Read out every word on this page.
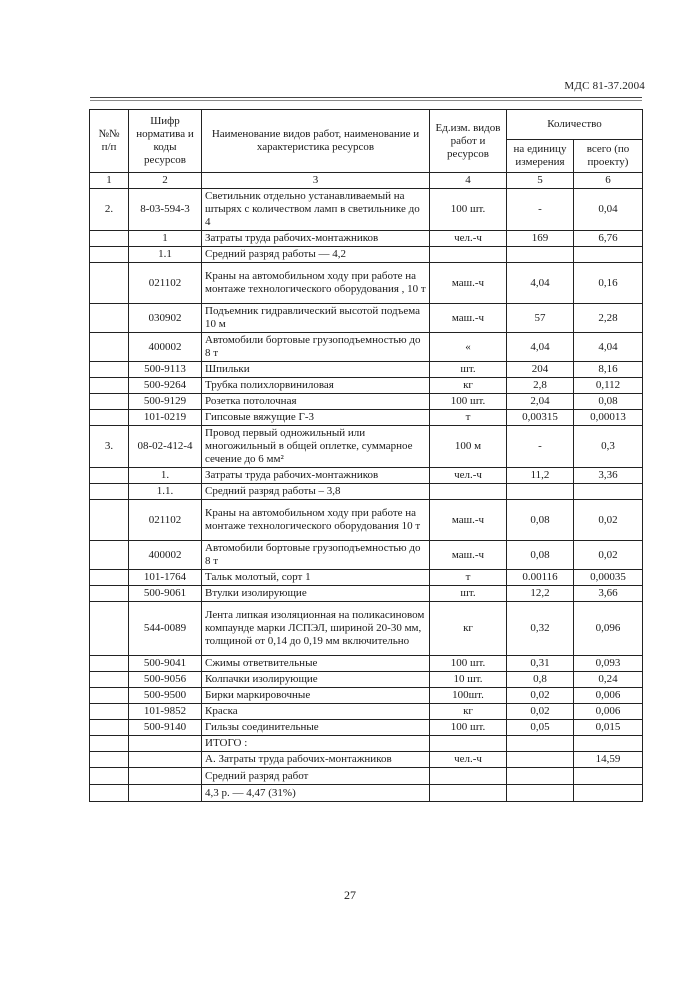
МДС 81-37.2004
№№ п/п	Шифр норматива и коды ресурсов	Наименование видов работ, наименование и характеристика ресурсов	Ед.изм. видов работ и ресурсов	Количество	
				на единицу измерения	всего (по проекту)
1	2	3	4	5	6
2.	8-03-594-3	Светильник отдельно устанавливаемый на штырях с количеством ламп в светильнике до 4	100 шт.	-	0,04
	1	Затраты труда рабочих-монтажников	чел.-ч	169	6,76
	1.1	Средний разряд работы — 4,2			
	021102	Краны на автомобильном ходу при работе на монтаже технологического оборудования , 10 т	маш.-ч	4,04	0,16
	030902	Подъемник гидравлический высотой подъема 10 м	маш.-ч	57	2,28
	400002	Автомобили бортовые грузоподъемностью до 8 т	«	4,04	4,04
	500-9113	Шпильки	шт.	204	8,16
	500-9264	Трубка полихлорвиниловая	кг	2,8	0,112
	500-9129	Розетка потолочная	100 шт.	2,04	0,08
	101-0219	Гипсовые вяжущие Г-3	т	0,00315	0,00013
3.	08-02-412-4	Провод первый одножильный или многожильный в общей оплетке, суммарное сечение до 6 мм²	100 м	-	0,3
	1.	Затраты труда рабочих-монтажников	чел.-ч	11,2	3,36
	1.1.	Средний разряд работы – 3,8			
	021102	Краны на автомобильном ходу при работе на монтаже технологического оборудования 10 т	маш.-ч	0,08	0,02
	400002	Автомобили бортовые грузоподъемностью до 8 т	маш.-ч	0,08	0,02
	101-1764	Тальк молотый, сорт 1	т	0.00116	0,00035
	500-9061	Втулки изолирующие	шт.	12,2	3,66
	544-0089	Лента липкая изоляционная на поликасиновом компаунде марки ЛСПЭЛ, шириной 20-30 мм, толщиной от 0,14 до 0,19 мм включительно	кг	0,32	0,096
	500-9041	Сжимы ответвительные	100 шт.	0,31	0,093
	500-9056	Колпачки изолирующие	10 шт.	0,8	0,24
	500-9500	Бирки маркировочные	100шт.	0,02	0,006
	101-9852	Краска	кг	0,02	0,006
	500-9140	Гильзы соединительные	100 шт.	0,05	0,015
		ИТОГО :			
		А. Затраты труда рабочих-монтажников	чел.-ч		14,59
		Средний разряд работ			
		4,3 р. — 4,47 (31%)			
27
